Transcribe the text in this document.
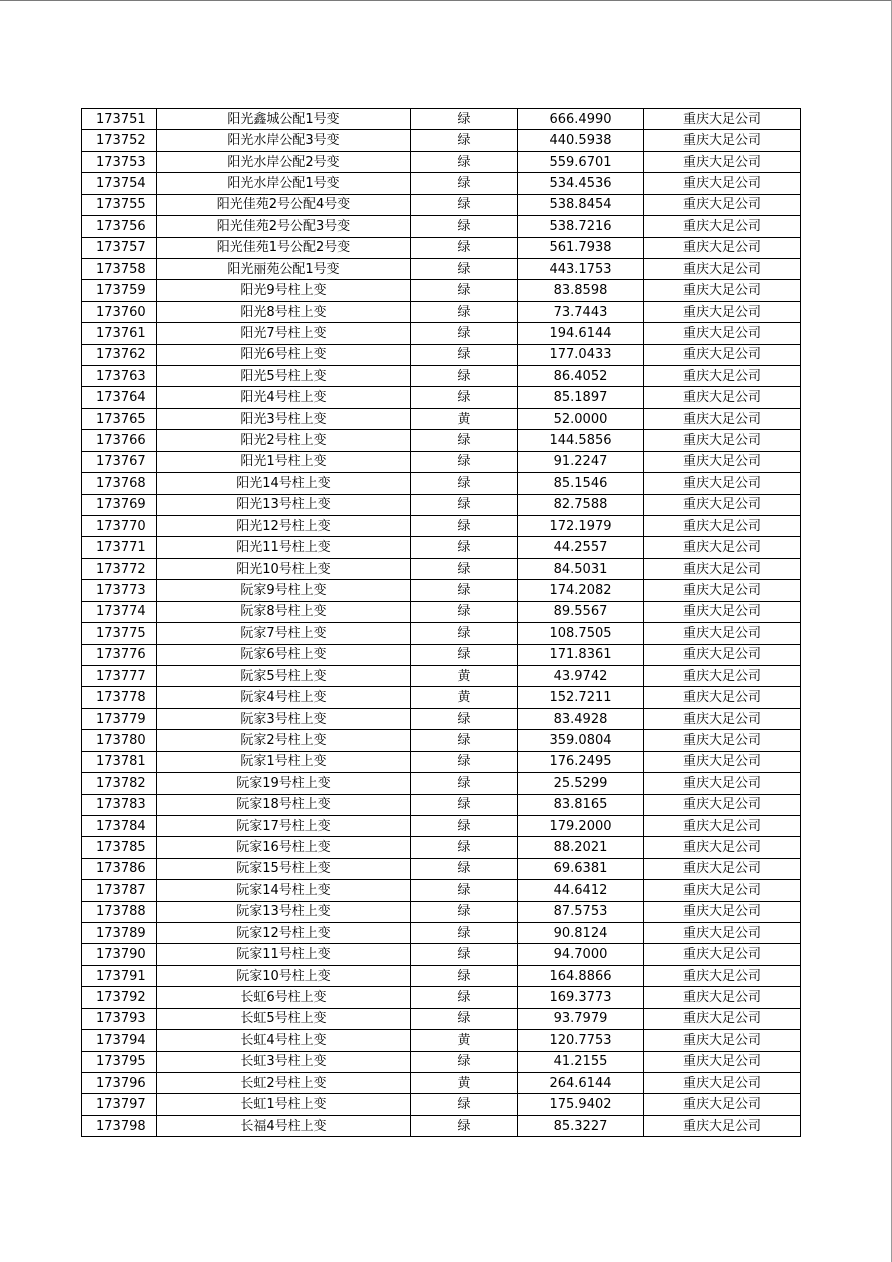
173751	阳光鑫城公配1号变	绿	666.4990	重庆大足公司
173752	阳光水岸公配3号变	绿	440.5938	重庆大足公司
173753	阳光水岸公配2号变	绿	559.6701	重庆大足公司
173754	阳光水岸公配1号变	绿	534.4536	重庆大足公司
173755	阳光佳苑2号公配4号变	绿	538.8454	重庆大足公司
173756	阳光佳苑2号公配3号变	绿	538.7216	重庆大足公司
173757	阳光佳苑1号公配2号变	绿	561.7938	重庆大足公司
173758	阳光丽苑公配1号变	绿	443.1753	重庆大足公司
173759	阳光9号柱上变	绿	83.8598	重庆大足公司
173760	阳光8号柱上变	绿	73.7443	重庆大足公司
173761	阳光7号柱上变	绿	194.6144	重庆大足公司
173762	阳光6号柱上变	绿	177.0433	重庆大足公司
173763	阳光5号柱上变	绿	86.4052	重庆大足公司
173764	阳光4号柱上变	绿	85.1897	重庆大足公司
173765	阳光3号柱上变	黄	52.0000	重庆大足公司
173766	阳光2号柱上变	绿	144.5856	重庆大足公司
173767	阳光1号柱上变	绿	91.2247	重庆大足公司
173768	阳光14号柱上变	绿	85.1546	重庆大足公司
173769	阳光13号柱上变	绿	82.7588	重庆大足公司
173770	阳光12号柱上变	绿	172.1979	重庆大足公司
173771	阳光11号柱上变	绿	44.2557	重庆大足公司
173772	阳光10号柱上变	绿	84.5031	重庆大足公司
173773	阮家9号柱上变	绿	174.2082	重庆大足公司
173774	阮家8号柱上变	绿	89.5567	重庆大足公司
173775	阮家7号柱上变	绿	108.7505	重庆大足公司
173776	阮家6号柱上变	绿	171.8361	重庆大足公司
173777	阮家5号柱上变	黄	43.9742	重庆大足公司
173778	阮家4号柱上变	黄	152.7211	重庆大足公司
173779	阮家3号柱上变	绿	83.4928	重庆大足公司
173780	阮家2号柱上变	绿	359.0804	重庆大足公司
173781	阮家1号柱上变	绿	176.2495	重庆大足公司
173782	阮家19号柱上变	绿	25.5299	重庆大足公司
173783	阮家18号柱上变	绿	83.8165	重庆大足公司
173784	阮家17号柱上变	绿	179.2000	重庆大足公司
173785	阮家16号柱上变	绿	88.2021	重庆大足公司
173786	阮家15号柱上变	绿	69.6381	重庆大足公司
173787	阮家14号柱上变	绿	44.6412	重庆大足公司
173788	阮家13号柱上变	绿	87.5753	重庆大足公司
173789	阮家12号柱上变	绿	90.8124	重庆大足公司
173790	阮家11号柱上变	绿	94.7000	重庆大足公司
173791	阮家10号柱上变	绿	164.8866	重庆大足公司
173792	长虹6号柱上变	绿	169.3773	重庆大足公司
173793	长虹5号柱上变	绿	93.7979	重庆大足公司
173794	长虹4号柱上变	黄	120.7753	重庆大足公司
173795	长虹3号柱上变	绿	41.2155	重庆大足公司
173796	长虹2号柱上变	黄	264.6144	重庆大足公司
173797	长虹1号柱上变	绿	175.9402	重庆大足公司
173798	长福4号柱上变	绿	85.3227	重庆大足公司
